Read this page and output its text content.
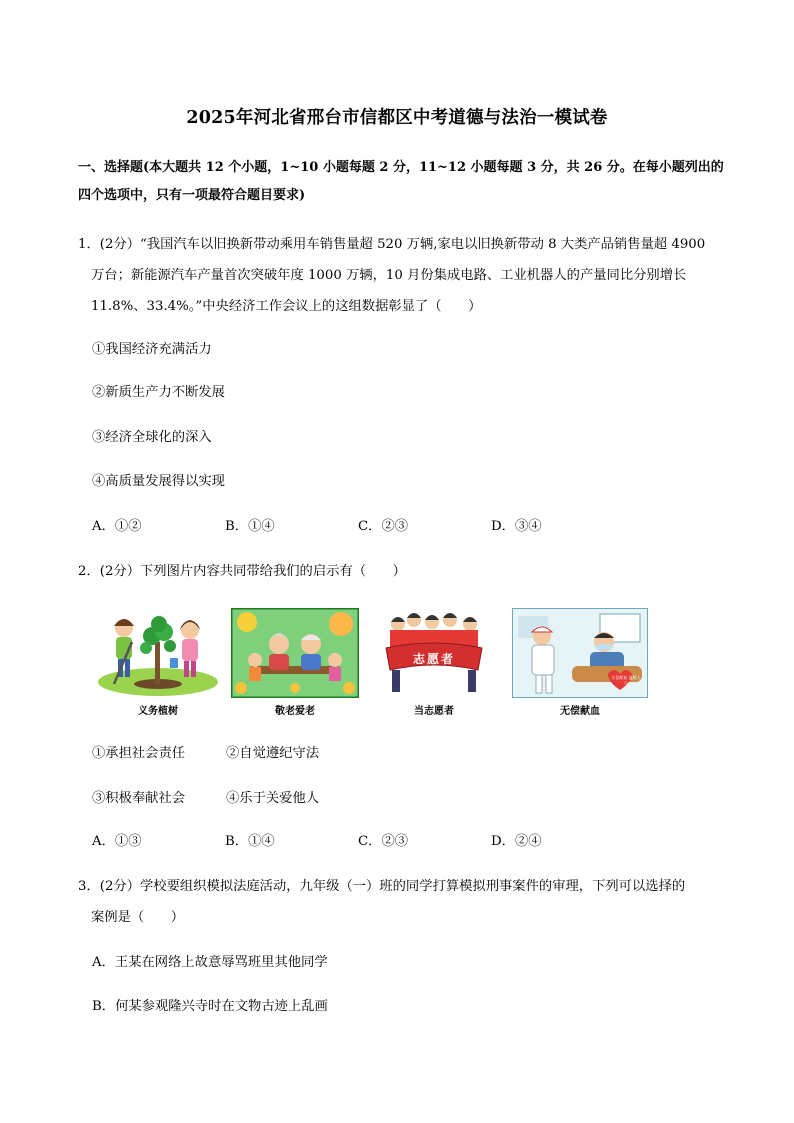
2025年河北省邢台市信都区中考道德与法治一模试卷
一、选择题(本大题共 12 个小题，1~10 小题每题 2 分，11~12 小题每题 3 分，共 26 分。在每小题列出的
四个选项中，只有一项最符合题目要求)
1．(2分）“我国汽车以旧换新带动乘用车销售量超 520 万辆,家电以旧换新带动 8 大类产品销售量超 4900
万台；新能源汽车产量首次突破年度 1000 万辆，10 月份集成电路、工业机器人的产量同比分别增长
11.8%、33.4%。”中央经济工作会议上的这组数据彰显了（　　）
①我国经济充满活力
②新质生产力不断发展
③经济全球化的深入
④高质量发展得以实现
A．①②	B．①④	C．②③	D．③④
2．(2分）下列图片内容共同带给我们的启示有（　　）
义务植树	敬老爱老
志愿者
当志愿者
无偿献血 温暖人心
无偿献血
①承担社会责任	②自觉遵纪守法
③积极奉献社会	④乐于关爱他人
A．①③	B．①④	C．②③	D．②④
3．(2分）学校要组织模拟法庭活动，九年级（一）班的同学打算模拟刑事案件的审理，下列可以选择的
案例是（　　）
A．王某在网络上故意辱骂班里其他同学
B．何某参观隆兴寺时在文物古迹上乱画
